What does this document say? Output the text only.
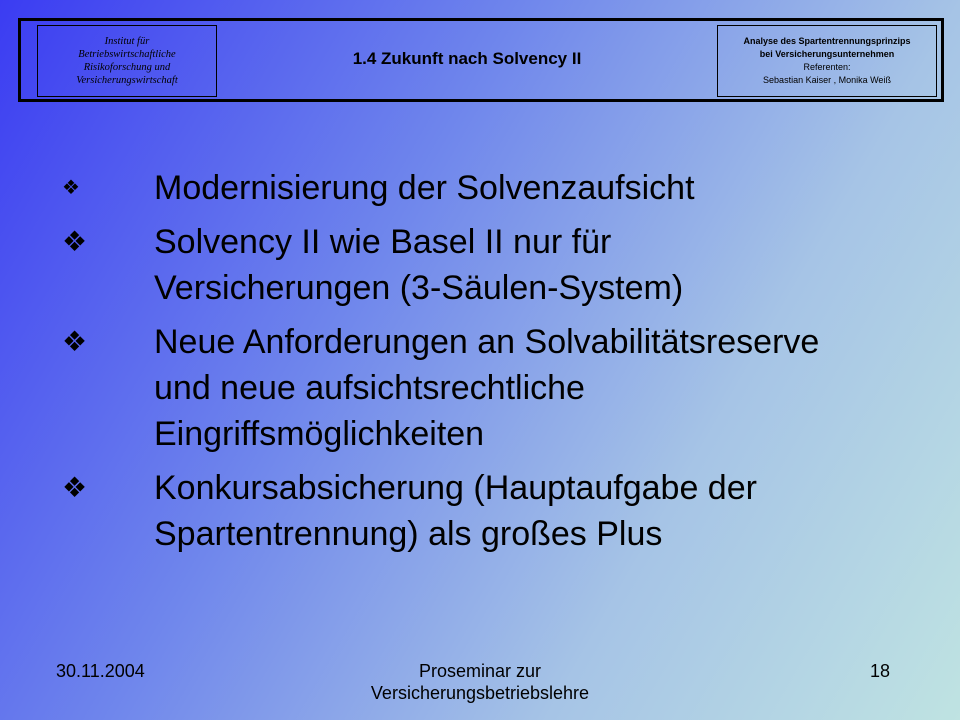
Institut für
Betriebswirtschaftliche
Risikoforschung und
Versicherungswirtschaft
1.4 Zukunft nach Solvency II
Analyse des Spartentrennungsprinzips
bei Versicherungsunternehmen
Referenten:
Sebastian Kaiser , Monika Weiß
❖	Modernisierung der Solvenzaufsicht
❖	Solvency II wie Basel II nur für
Versicherungen (3-Säulen-System)
❖	Neue Anforderungen an Solvabilitätsreserve
und neue aufsichtsrechtliche
Eingriffsmöglichkeiten
❖	Konkursabsicherung (Hauptaufgabe der
Spartentrennung) als großes Plus
30.11.2004	Proseminar zur
Versicherungsbetriebslehre
18
